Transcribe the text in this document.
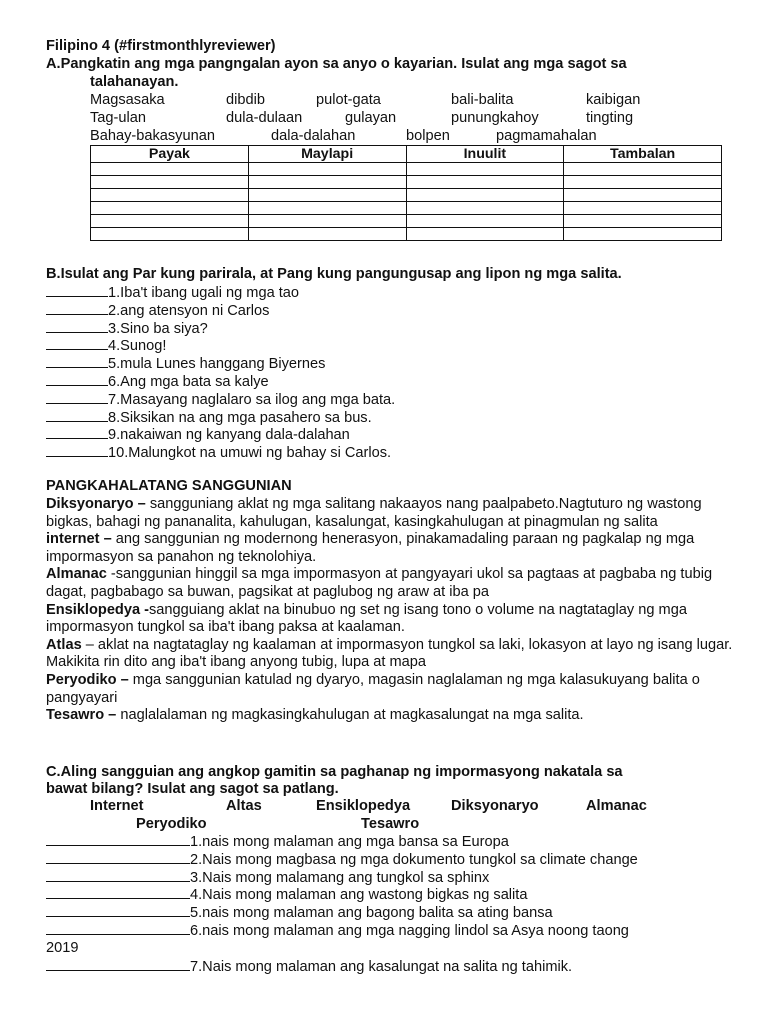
Filipino 4 (#firstmonthlyreviewer)
A.Pangkatin ang mga pangngalan ayon sa anyo o kayarian. Isulat ang mga sagot sa
talahanayan.
Magsasaka	dibdib	pulot-gata	bali-balita	kaibigan
Tag-ulan	dula-dulaan	gulayan	punungkahoy	tingting
Bahay-bakasyunan	dala-dalahan	bolpen	pagmamahalan
Payak	Maylapi	Inuulit	Tambalan

B.Isulat ang Par kung parirala, at Pang kung pangungusap ang lipon ng mga salita.
1.Iba't ibang ugali ng mga tao
2.ang atensyon ni Carlos
3.Sino ba siya?
4.Sunog!
5.mula Lunes hanggang Biyernes
6.Ang mga bata sa kalye
7.Masayang naglalaro sa ilog ang mga bata.
8.Siksikan na ang mga pasahero sa bus.
9.nakaiwan ng kanyang dala-dalahan
10.Malungkot na umuwi ng bahay si Carlos.
PANGKAHALATANG SANGGUNIAN

Diksyonaryo – sangguniang aklat ng mga salitang nakaayos nang paalpabeto.Nagtuturo ng wastong bigkas, bahagi ng pananalita, kahulugan, kasalungat, kasingkahulugan at pinagmulan ng salita

internet – ang sanggunian ng modernong henerasyon, pinakamadaling paraan ng pagkalap ng mga impormasyon sa panahon ng teknolohiya.

Almanac -sanggunian hinggil sa mga impormasyon at pangyayari ukol sa pagtaas at pagbaba ng tubig dagat, pagbabago sa buwan, pagsikat at paglubog ng araw at iba pa

Ensiklopedya -sangguiang aklat na binubuo ng set ng isang tono o volume na nagtataglay ng mga impormasyon tungkol sa iba't ibang paksa at kaalaman.

Atlas – aklat na nagtataglay ng kaalaman at impormasyon tungkol sa laki, lokasyon at layo ng isang lugar. Makikita rin dito ang iba't ibang anyong tubig, lupa at mapa

Peryodiko – mga sanggunian katulad ng dyaryo, magasin naglalaman ng mga kalasukuyang balita o pangyayari

Tesawro – naglalalaman ng magkasingkahulugan at magkasalungat na mga salita.

C.Aling sangguian ang angkop gamitin sa paghanap ng impormasyong nakatala sa
bawat bilang? Isulat ang sagot sa patlang.
Internet	Altas	Ensiklopedya	Diksyonaryo	Almanac
Peryodiko	Tesawro
1.nais mong malaman ang mga bansa sa Europa
2.Nais mong magbasa ng mga dokumento tungkol sa climate change
3.Nais mong malamang ang tungkol sa sphinx
4.Nais mong malaman ang wastong bigkas ng salita
5.nais mong malaman ang bagong balita sa ating bansa
6.nais mong malaman ang mga nagging lindol sa Asya noong taong
2019
7.Nais mong malaman ang kasalungat na salita ng tahimik.
